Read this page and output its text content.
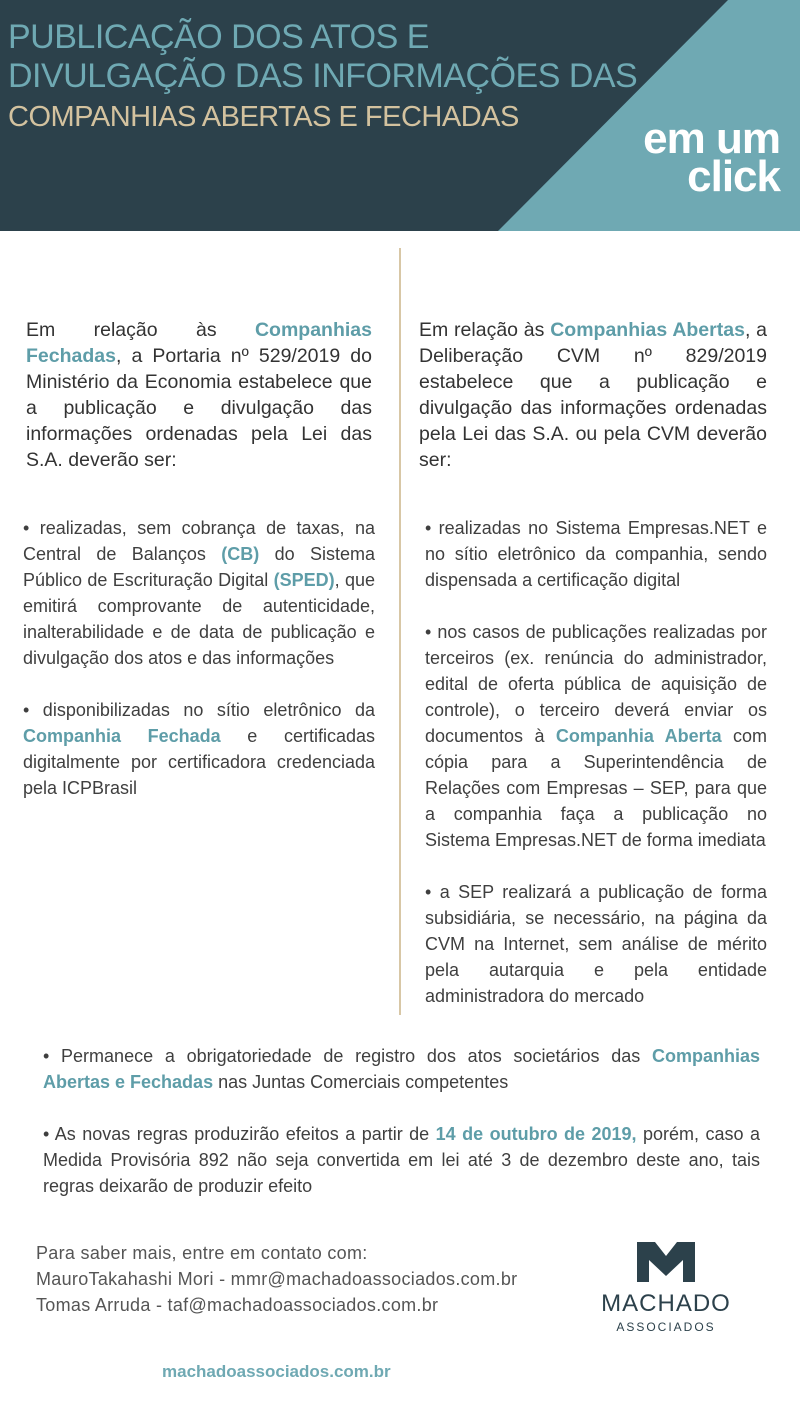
PUBLICAÇÃO DOS ATOS E
DIVULGAÇÃO DAS INFORMAÇÕES DAS
COMPANHIAS ABERTAS E FECHADAS	em um
click
Em relação às Companhias Fechadas, a Portaria nº 529/2019 do Ministério da Economia estabelece que a publicação e divulgação das informações ordenadas pela Lei das S.A. deverão ser:
• realizadas, sem cobrança de taxas, na Central de Balanços (CB) do Sistema Público de Escrituração Digital (SPED), que emitirá comprovante de autenticidade, inalterabilidade e de data de publicação e divulgação dos atos e das informações
• disponibilizadas no sítio eletrônico da Companhia Fechada e certificadas digitalmente por certificadora credenciada pela ICPBrasil
Em relação às Companhias Abertas, a Deliberação CVM nº 829/2019 estabelece que a publicação e divulgação das informações ordenadas pela Lei das S.A. ou pela CVM deverão ser:
• realizadas no Sistema Empresas.NET e no sítio eletrônico da companhia, sendo dispensada a certificação digital
• nos casos de publicações realizadas por terceiros (ex. renúncia do administrador, edital de oferta pública de aquisição de controle), o terceiro deverá enviar os documentos à Companhia Aberta com cópia para a Superintendência de Relações com Empresas – SEP, para que a companhia faça a publicação no Sistema Empresas.NET de forma imediata
• a SEP realizará a publicação de forma subsidiária, se necessário, na página da CVM na Internet, sem análise de mérito pela autarquia e pela entidade administradora do mercado
• Permanece a obrigatoriedade de registro dos atos societários das Companhias Abertas e Fechadas nas Juntas Comerciais competentes
• As novas regras produzirão efeitos a partir de 14 de outubro de 2019, porém, caso a Medida Provisória 892 não seja convertida em lei até 3 de dezembro deste ano, tais regras deixarão de produzir efeito
Para saber mais, entre em contato com:
MauroTakahashi Mori - mmr@machadoassociados.com.br
Tomas Arruda - taf@machadoassociados.com.br
machadoassociados.com.br
MACHADO
ASSOCIADOS
